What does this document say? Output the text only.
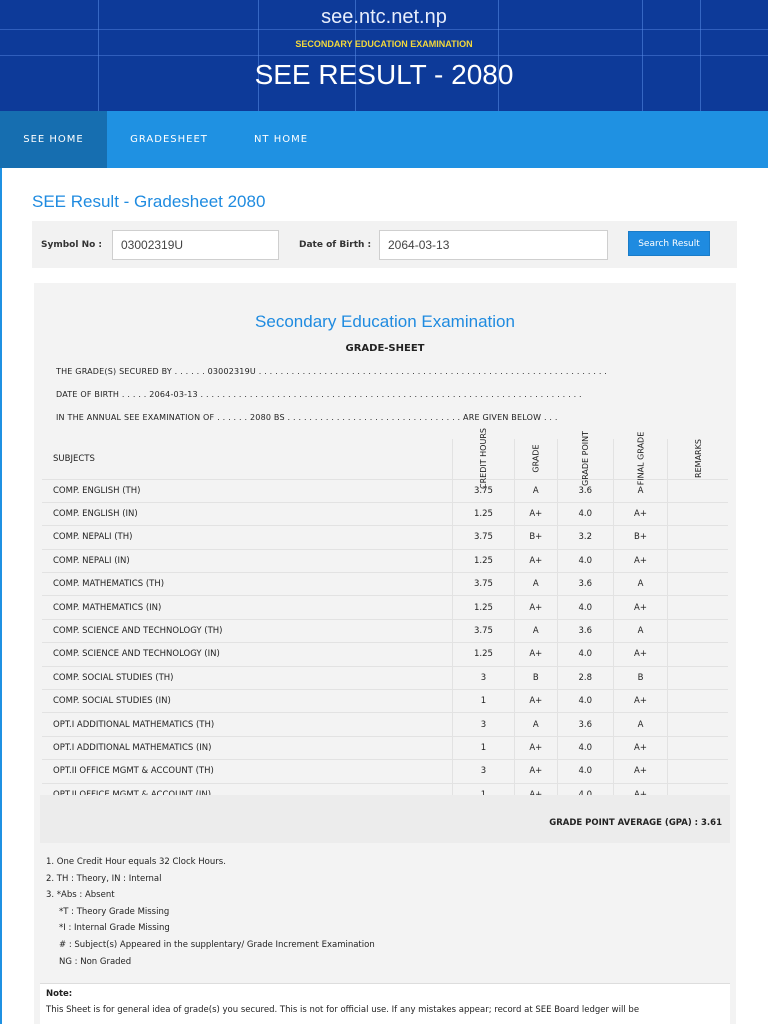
see.ntc.net.np
SECONDARY EDUCATION EXAMINATION
SEE RESULT - 2080
SEE HOME	GRADESHEET	NT HOME
SEE Result - Gradesheet 2080
Symbol No :	03002319U	Date of Birth :	2064-03-13	Search Result
Secondary Education Examination
GRADE-SHEET
THE GRADE(S) SECURED BY . . . . . . 03002319U . . . . . . . . . . . . . . . . . . . . . . . . . . . . . . . . . . . . . . . . . . . . . . . . . . . . . . . . . . . . . . . .
DATE OF BIRTH . . . . . 2064-03-13 . . . . . . . . . . . . . . . . . . . . . . . . . . . . . . . . . . . . . . . . . . . . . . . . . . . . . . . . . . . . . . . . . . . . . .
IN THE ANNUAL SEE EXAMINATION OF . . . . . . 2080 BS . . . . . . . . . . . . . . . . . . . . . . . . . . . . . . . . ARE GIVEN BELOW . . .
SUBJECTS	CREDIT HOURS	GRADE	GRADE POINT	FINAL GRADE	REMARKS
COMP. ENGLISH (TH)	3.75	A	3.6	A	
COMP. ENGLISH (IN)	1.25	A+	4.0	A+	
COMP. NEPALI (TH)	3.75	B+	3.2	B+	
COMP. NEPALI (IN)	1.25	A+	4.0	A+	
COMP. MATHEMATICS (TH)	3.75	A	3.6	A	
COMP. MATHEMATICS (IN)	1.25	A+	4.0	A+	
COMP. SCIENCE AND TECHNOLOGY (TH)	3.75	A	3.6	A	
COMP. SCIENCE AND TECHNOLOGY (IN)	1.25	A+	4.0	A+	
COMP. SOCIAL STUDIES (TH)	3	B	2.8	B	
COMP. SOCIAL STUDIES (IN)	1	A+	4.0	A+	
OPT.I ADDITIONAL MATHEMATICS (TH)	3	A	3.6	A	
OPT.I ADDITIONAL MATHEMATICS (IN)	1	A+	4.0	A+	
OPT.II OFFICE MGMT & ACCOUNT (TH)	3	A+	4.0	A+	

GRADE POINT AVERAGE (GPA) : 3.61
1. One Credit Hour equals 32 Clock Hours.
2. TH : Theory, IN : Internal
3. *Abs : Absent
*T : Theory Grade Missing
*I : Internal Grade Missing
# : Subject(s) Appeared in the supplentary/ Grade Increment Examination
NG : Non Graded
Note:
This Sheet is for general idea of grade(s) you secured. This is not for official use. If any mistakes appear; record at SEE Board ledger will be
